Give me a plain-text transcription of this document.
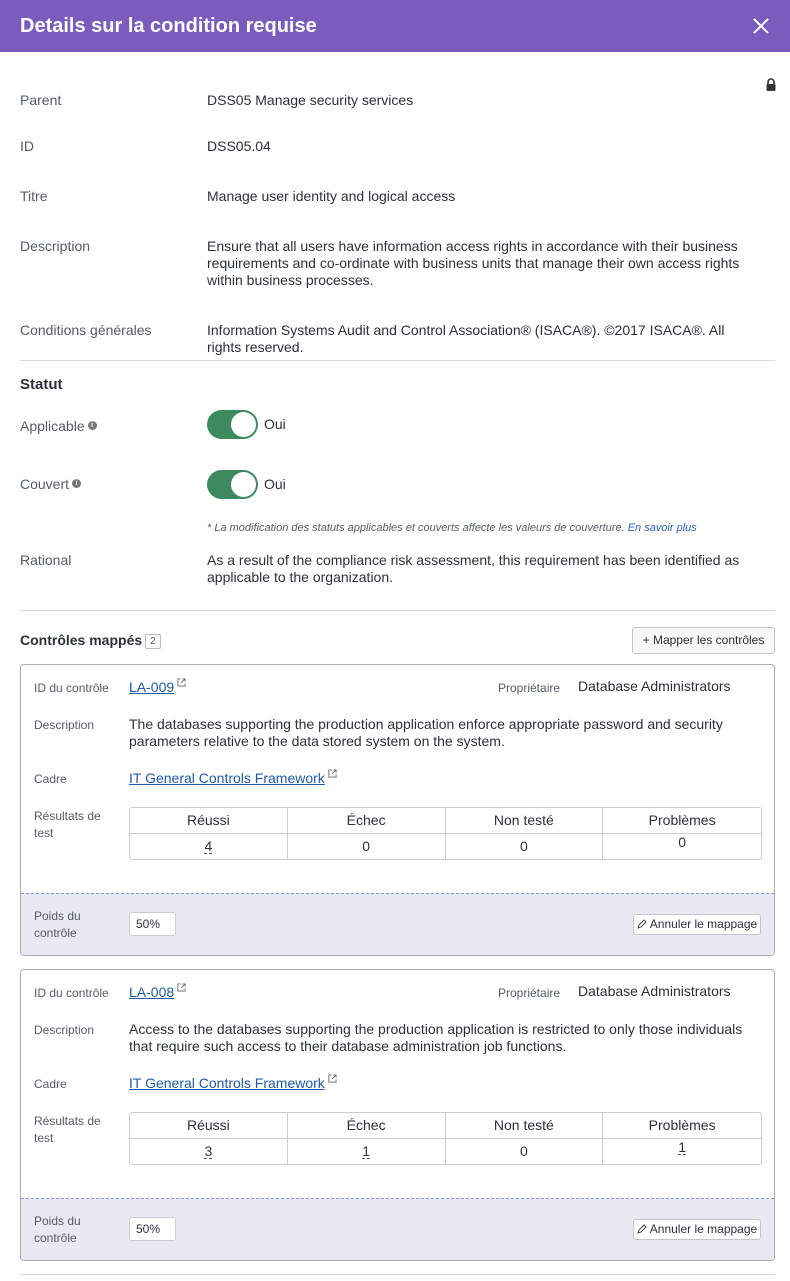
Details sur la condition requise
Parent	DSS05 Manage security services
ID	DSS05.04
Titre	Manage user identity and logical access
Description	Ensure that all users have information access rights in accordance with their business requirements and co-ordinate with business units that manage their own access rights within business processes.
Conditions générales	Information Systems Audit and Control Association® (ISACA®). ©2017 ISACA®. All rights reserved.
Statut
Applicable i	Oui
Couvert i	Oui
* La modification des statuts applicables et couverts affecte les valeurs de couverture. En savoir plus
Rational	As a result of the compliance risk assessment, this requirement has been identified as applicable to the organization.
Contrôles mappés 2	+ Mapper les contrôles
ID du contrôle LA-009	Propriétaire Database Administrators
Description The databases supporting the production application enforce appropriate password and security parameters relative to the data stored system on the system.
Cadre	IT General Controls Framework
Résultats de
test
Réussi	Échec	Non testé	Problèmes
4	0	0	0
Poids du
contrôle
50%	Annuler le mappage
ID du contrôle LA-008	Propriétaire Database Administrators
Description Access to the databases supporting the production application is restricted to only those individuals that require such access to their database administration job functions.
Cadre	IT General Controls Framework
Résultats de
test
Réussi	Échec	Non testé	Problèmes
3	1	0	1
Poids du
contrôle
50%	Annuler le mappage
